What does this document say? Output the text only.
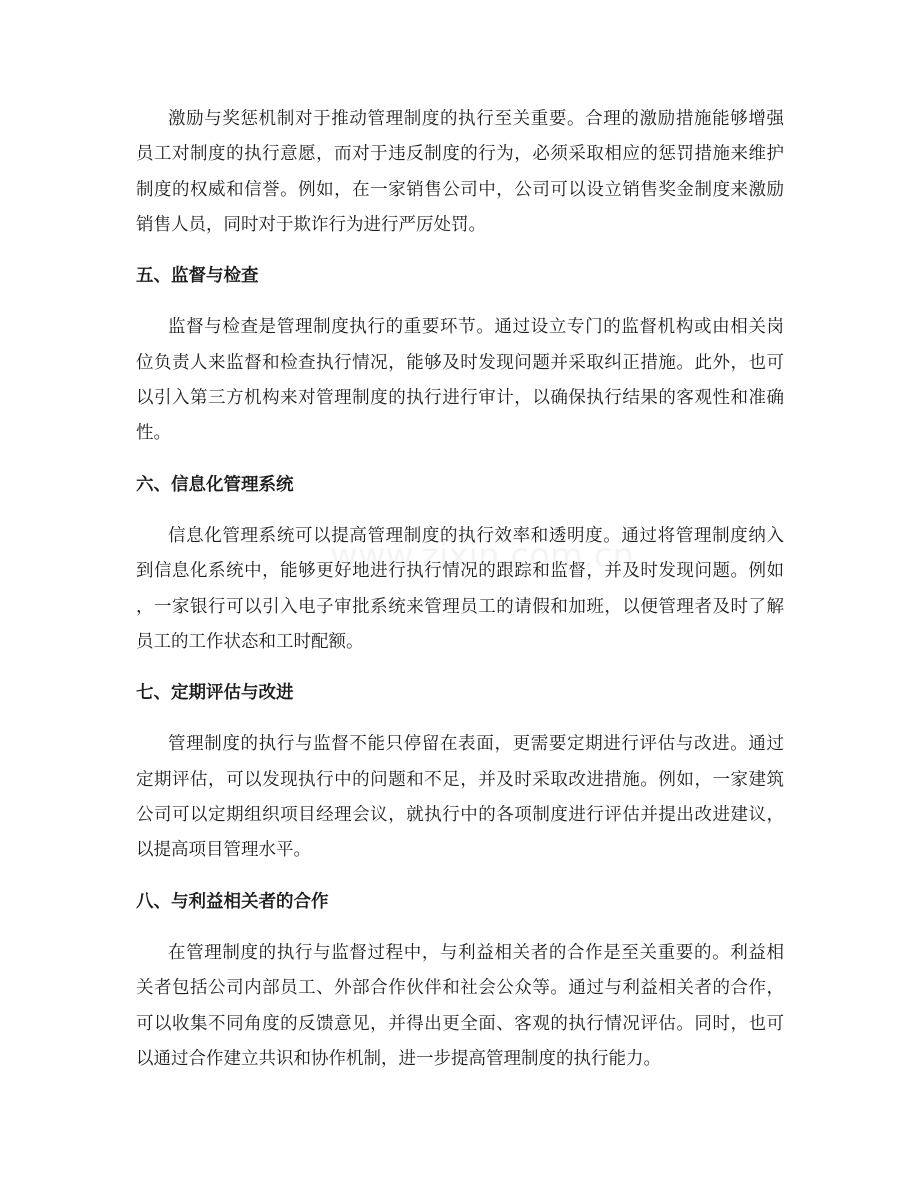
激励与奖惩机制对于推动管理制度的执行至关重要。合理的激励措施能够增强
员工对制度的执行意愿，而对于违反制度的行为，必须采取相应的惩罚措施来维护
制度的权威和信誉。例如，在一家销售公司中，公司可以设立销售奖金制度来激励
销售人员，同时对于欺诈行为进行严厉处罚。
五、监督与检查
监督与检查是管理制度执行的重要环节。通过设立专门的监督机构或由相关岗
位负责人来监督和检查执行情况，能够及时发现问题并采取纠正措施。此外，也可
以引入第三方机构来对管理制度的执行进行审计，以确保执行结果的客观性和准确
性。
六、信息化管理系统
信息化管理系统可以提高管理制度的执行效率和透明度。通过将管理制度纳入
到信息化系统中，能够更好地进行执行情况的跟踪和监督，并及时发现问题。例如
，一家银行可以引入电子审批系统来管理员工的请假和加班，以便管理者及时了解
员工的工作状态和工时配额。
七、定期评估与改进
管理制度的执行与监督不能只停留在表面，更需要定期进行评估与改进。通过
定期评估，可以发现执行中的问题和不足，并及时采取改进措施。例如，一家建筑
公司可以定期组织项目经理会议，就执行中的各项制度进行评估并提出改进建议，
以提高项目管理水平。
八、与利益相关者的合作
在管理制度的执行与监督过程中，与利益相关者的合作是至关重要的。利益相
关者包括公司内部员工、外部合作伙伴和社会公众等。通过与利益相关者的合作，
可以收集不同角度的反馈意见，并得出更全面、客观的执行情况评估。同时，也可
以通过合作建立共识和协作机制，进一步提高管理制度的执行能力。
